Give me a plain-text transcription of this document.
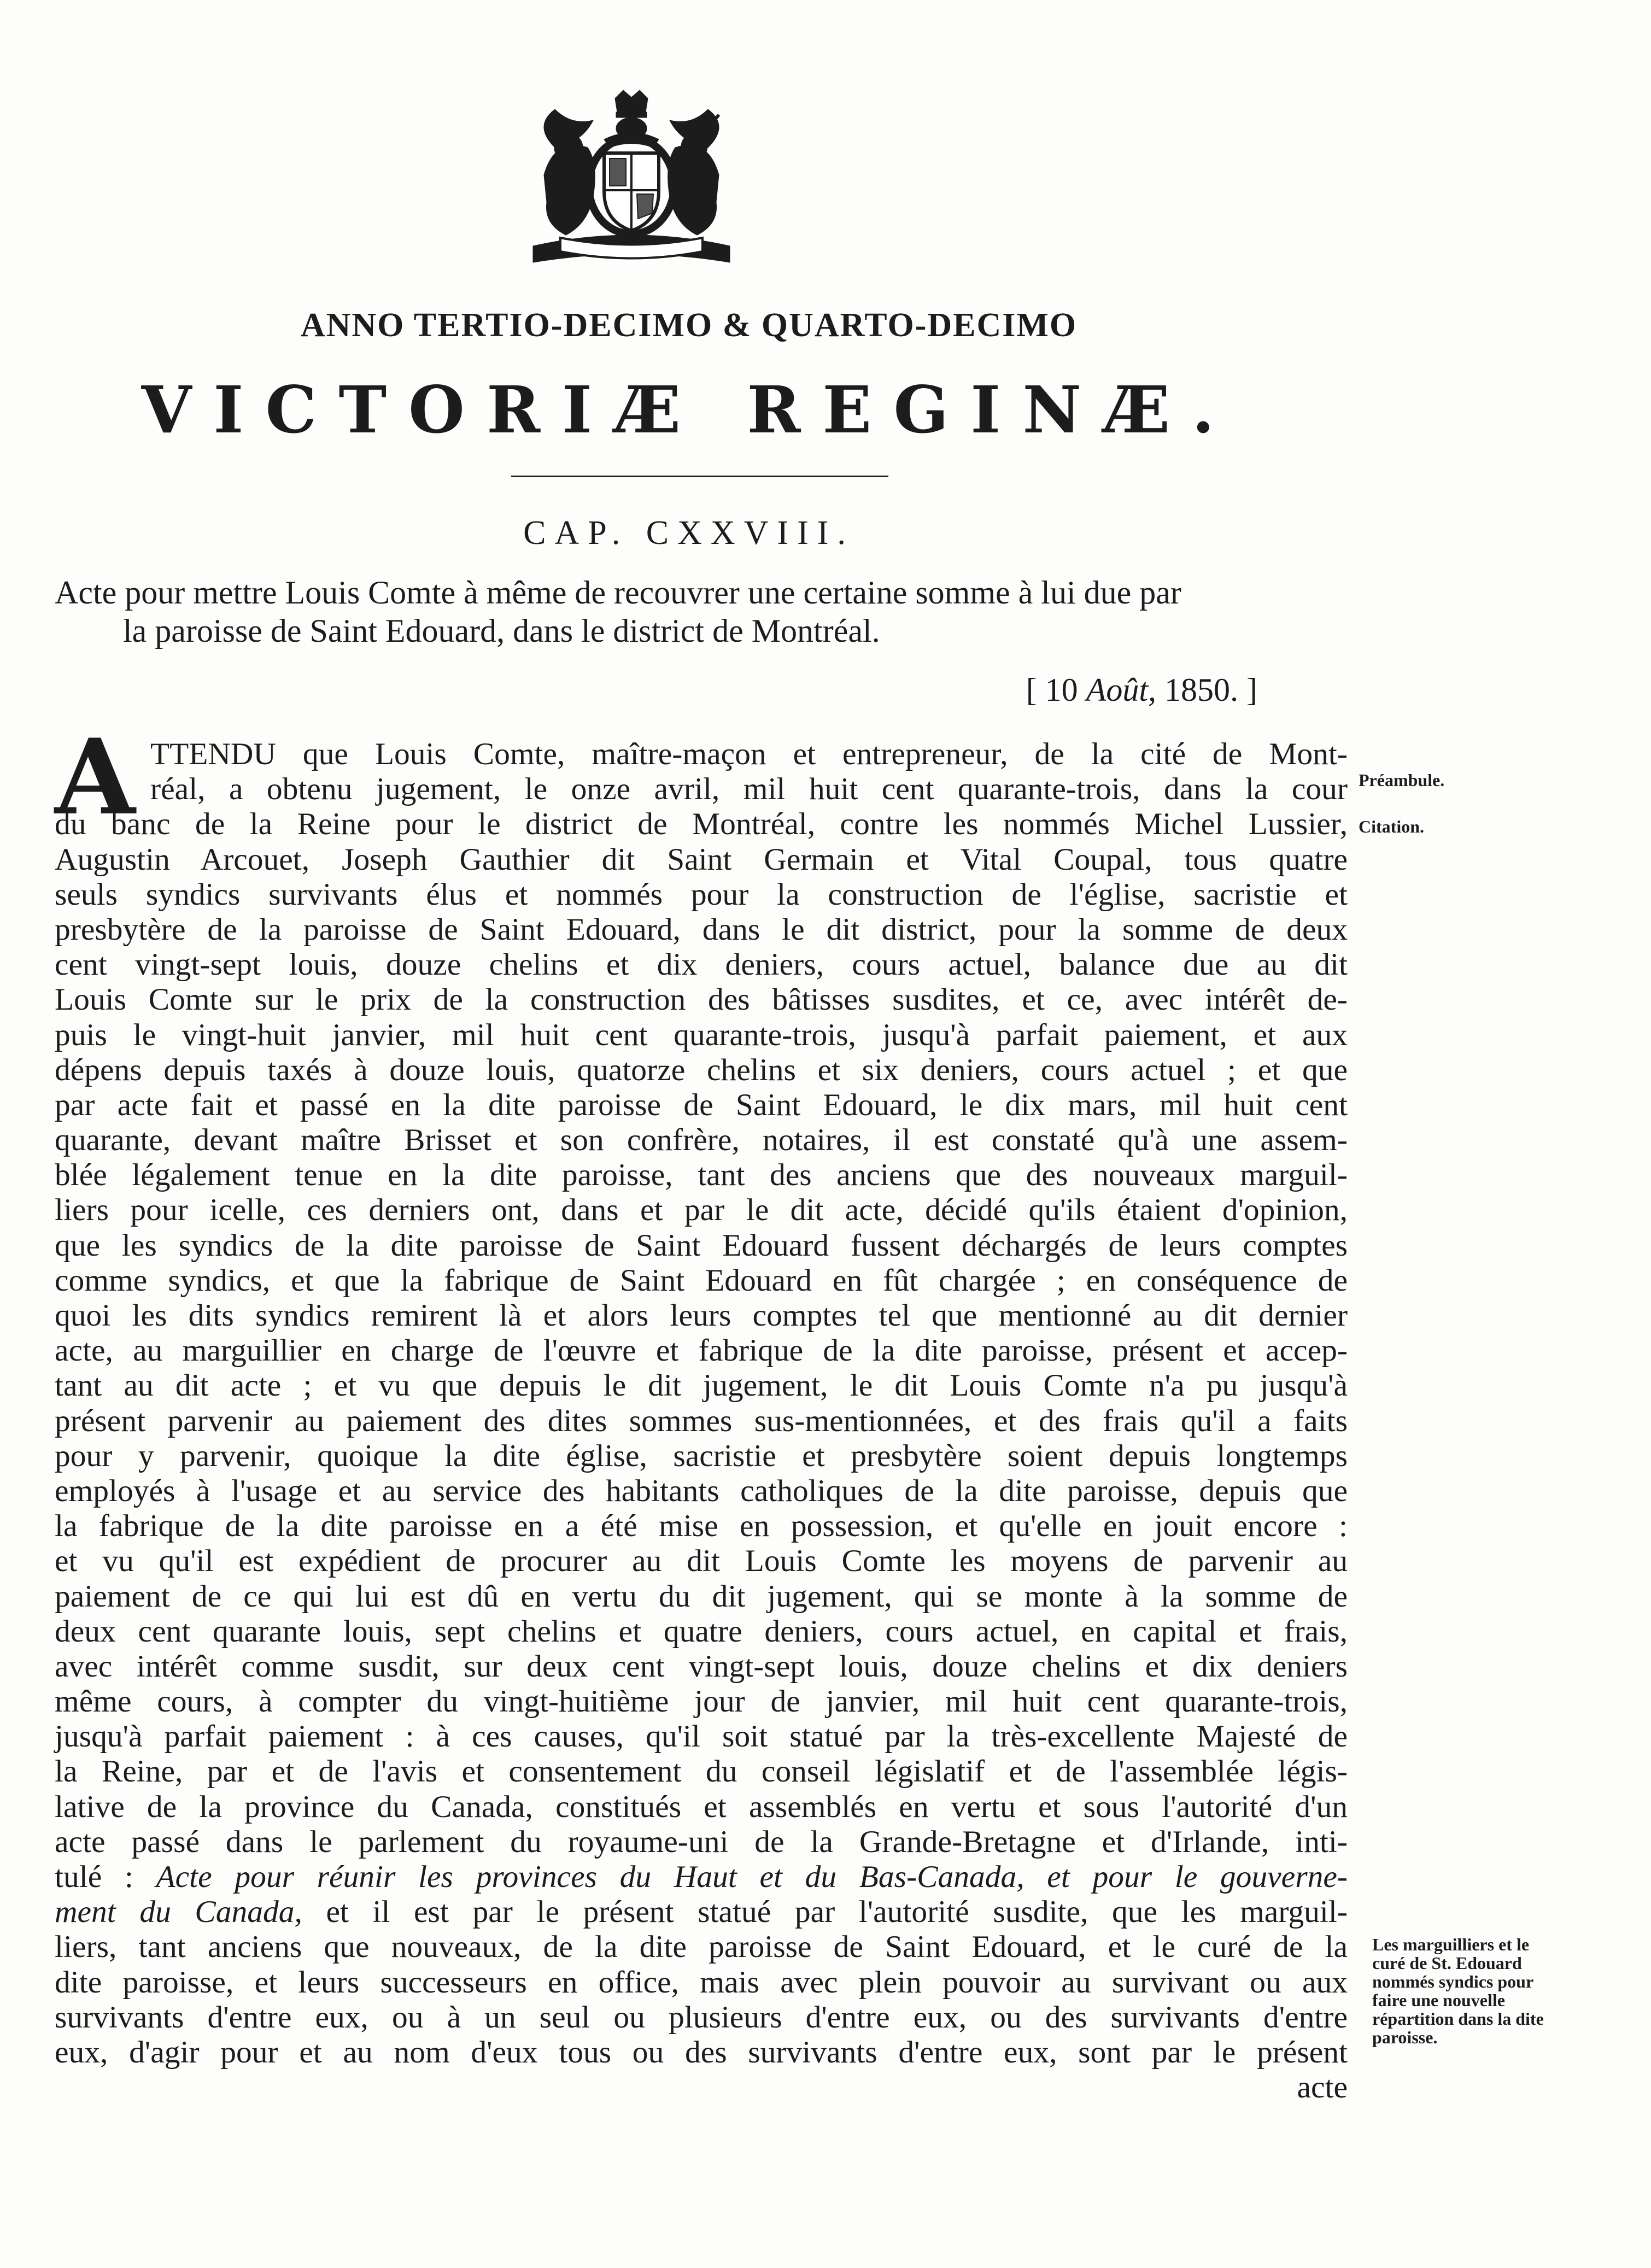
ANNO TERTIO-DECIMO & QUARTO-DECIMO
VICTORIÆ REGINÆ.
CAP. CXXVIII.
Acte pour mettre Louis Comte à même de recouvrer une certaine somme à lui due par
la paroisse de Saint Edouard, dans le district de Montréal.
[ 10 Août, 1850. ]
A TTENDU que Louis Comte, maître-maçon et entrepreneur, de la cité de Mont-
réal, a obtenu jugement, le onze avril, mil huit cent quarante-trois, dans la cour
du banc de la Reine pour le district de Montréal, contre les nommés Michel Lussier,
Augustin Arcouet, Joseph Gauthier dit Saint Germain et Vital Coupal, tous quatre
seuls syndics survivants élus et nommés pour la construction de l'église, sacristie et
presbytère de la paroisse de Saint Edouard, dans le dit district, pour la somme de deux
cent vingt-sept louis, douze chelins et dix deniers, cours actuel, balance due au dit
Louis Comte sur le prix de la construction des bâtisses susdites, et ce, avec intérêt de-
puis le vingt-huit janvier, mil huit cent quarante-trois, jusqu'à parfait paiement, et aux
dépens depuis taxés à douze louis, quatorze chelins et six deniers, cours actuel ; et que
par acte fait et passé en la dite paroisse de Saint Edouard, le dix mars, mil huit cent
quarante, devant maître Brisset et son confrère, notaires, il est constaté qu'à une assem-
blée légalement tenue en la dite paroisse, tant des anciens que des nouveaux marguil-
liers pour icelle, ces derniers ont, dans et par le dit acte, décidé qu'ils étaient d'opinion,
que les syndics de la dite paroisse de Saint Edouard fussent déchargés de leurs comptes
comme syndics, et que la fabrique de Saint Edouard en fût chargée ; en conséquence de
quoi les dits syndics remirent là et alors leurs comptes tel que mentionné au dit dernier
acte, au marguillier en charge de l'œuvre et fabrique de la dite paroisse, présent et accep-
tant au dit acte ; et vu que depuis le dit jugement, le dit Louis Comte n'a pu jusqu'à
présent parvenir au paiement des dites sommes sus-mentionnées, et des frais qu'il a faits
pour y parvenir, quoique la dite église, sacristie et presbytère soient depuis longtemps
employés à l'usage et au service des habitants catholiques de la dite paroisse, depuis que
la fabrique de la dite paroisse en a été mise en possession, et qu'elle en jouit encore :
et vu qu'il est expédient de procurer au dit Louis Comte les moyens de parvenir au
paiement de ce qui lui est dû en vertu du dit jugement, qui se monte à la somme de
deux cent quarante louis, sept chelins et quatre deniers, cours actuel, en capital et frais,
avec intérêt comme susdit, sur deux cent vingt-sept louis, douze chelins et dix deniers
même cours, à compter du vingt-huitième jour de janvier, mil huit cent quarante-trois,
jusqu'à parfait paiement : à ces causes, qu'il soit statué par la très-excellente Majesté de
la Reine, par et de l'avis et consentement du conseil législatif et de l'assemblée légis-
lative de la province du Canada, constitués et assemblés en vertu et sous l'autorité d'un
acte passé dans le parlement du royaume-uni de la Grande-Bretagne et d'Irlande, inti-
tulé : Acte pour réunir les provinces du Haut et du Bas-Canada, et pour le gouverne-
ment du Canada, et il est par le présent statué par l'autorité susdite, que les marguil-
liers, tant anciens que nouveaux, de la dite paroisse de Saint Edouard, et le curé de la
dite paroisse, et leurs successeurs en office, mais avec plein pouvoir au survivant ou aux
survivants d'entre eux, ou à un seul ou plusieurs d'entre eux, ou des survivants d'entre
eux, d'agir pour et au nom d'eux tous ou des survivants d'entre eux, sont par le présent
acte
Préambule.
Citation.
Les marguilliers et le
curé de St. Edouard
nommés syndics pour
faire une nouvelle
répartition dans la dite
paroisse.
